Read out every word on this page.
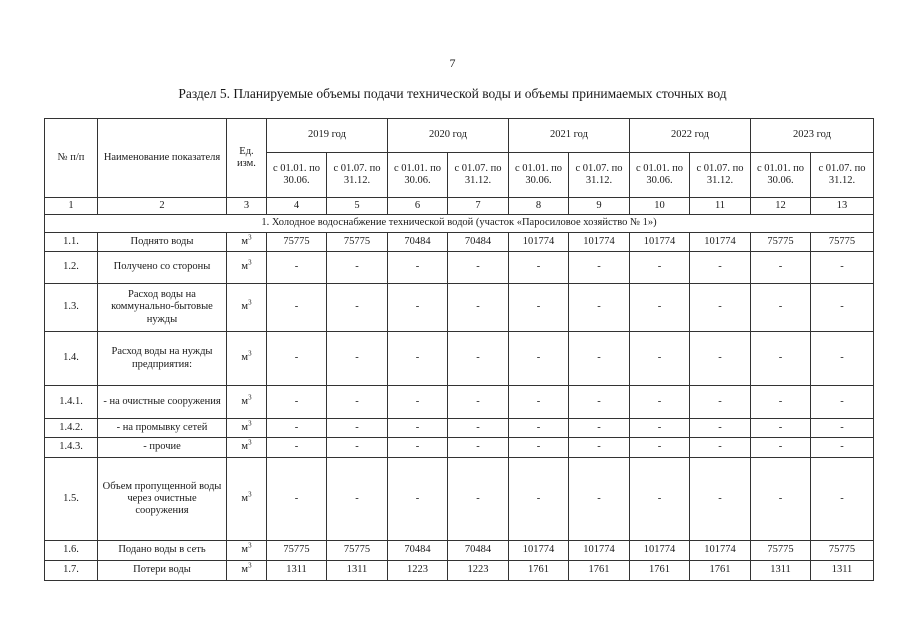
7
Раздел 5. Планируемые объемы подачи технической воды и объемы принимаемых сточных вод
№ п/п	Наименование показателя	Ед. изм.	2019 год		2020 год		2021 год		2022 год		2023 год	
			с 01.01. по 30.06.	с 01.07. по 31.12.	с 01.01. по 30.06.	с 01.07. по 31.12.	с 01.01. по 30.06.	с 01.07. по 31.12.	с 01.01. по 30.06.	с 01.07. по 31.12.	с 01.01. по 30.06.	с 01.07. по 31.12.
1	2	3	4	5	6	7	8	9	10	11	12	13
1. Холодное водоснабжение технической водой (участок «Паросиловое хозяйство № 1»)												
1.1.	Поднято воды	$м^3$	75775	75775	70484	70484	101774	101774	101774	101774	75775	75775
1.2.	Получено со стороны	$м^3$	-	-	-	-	-	-	-	-	-	-
1.3.	Расход воды на коммунально-бытовые нужды	$м^3$	-	-	-	-	-	-	-	-	-	-
1.4.	Расход воды на нужды предприятия:	$м^3$	-	-	-	-	-	-	-	-	-	-
1.4.1.	- на очистные сооружения	$м^3$	-	-	-	-	-	-	-	-	-	-
1.4.2.	- на промывку сетей	$м^3$	-	-	-	-	-	-	-	-	-	-
1.4.3.	- прочие	$м^3$	-	-	-	-	-	-	-	-	-	-
1.5.	Объем пропущенной воды через очистные сооружения	$м^3$	-	-	-	-	-	-	-	-	-	-
1.6.	Подано воды в сеть	$м^3$	75775	75775	70484	70484	101774	101774	101774	101774	75775	75775
1.7.	Потери воды	$м^3$	1311	1311	1223	1223	1761	1761	1761	1761	1311	1311
